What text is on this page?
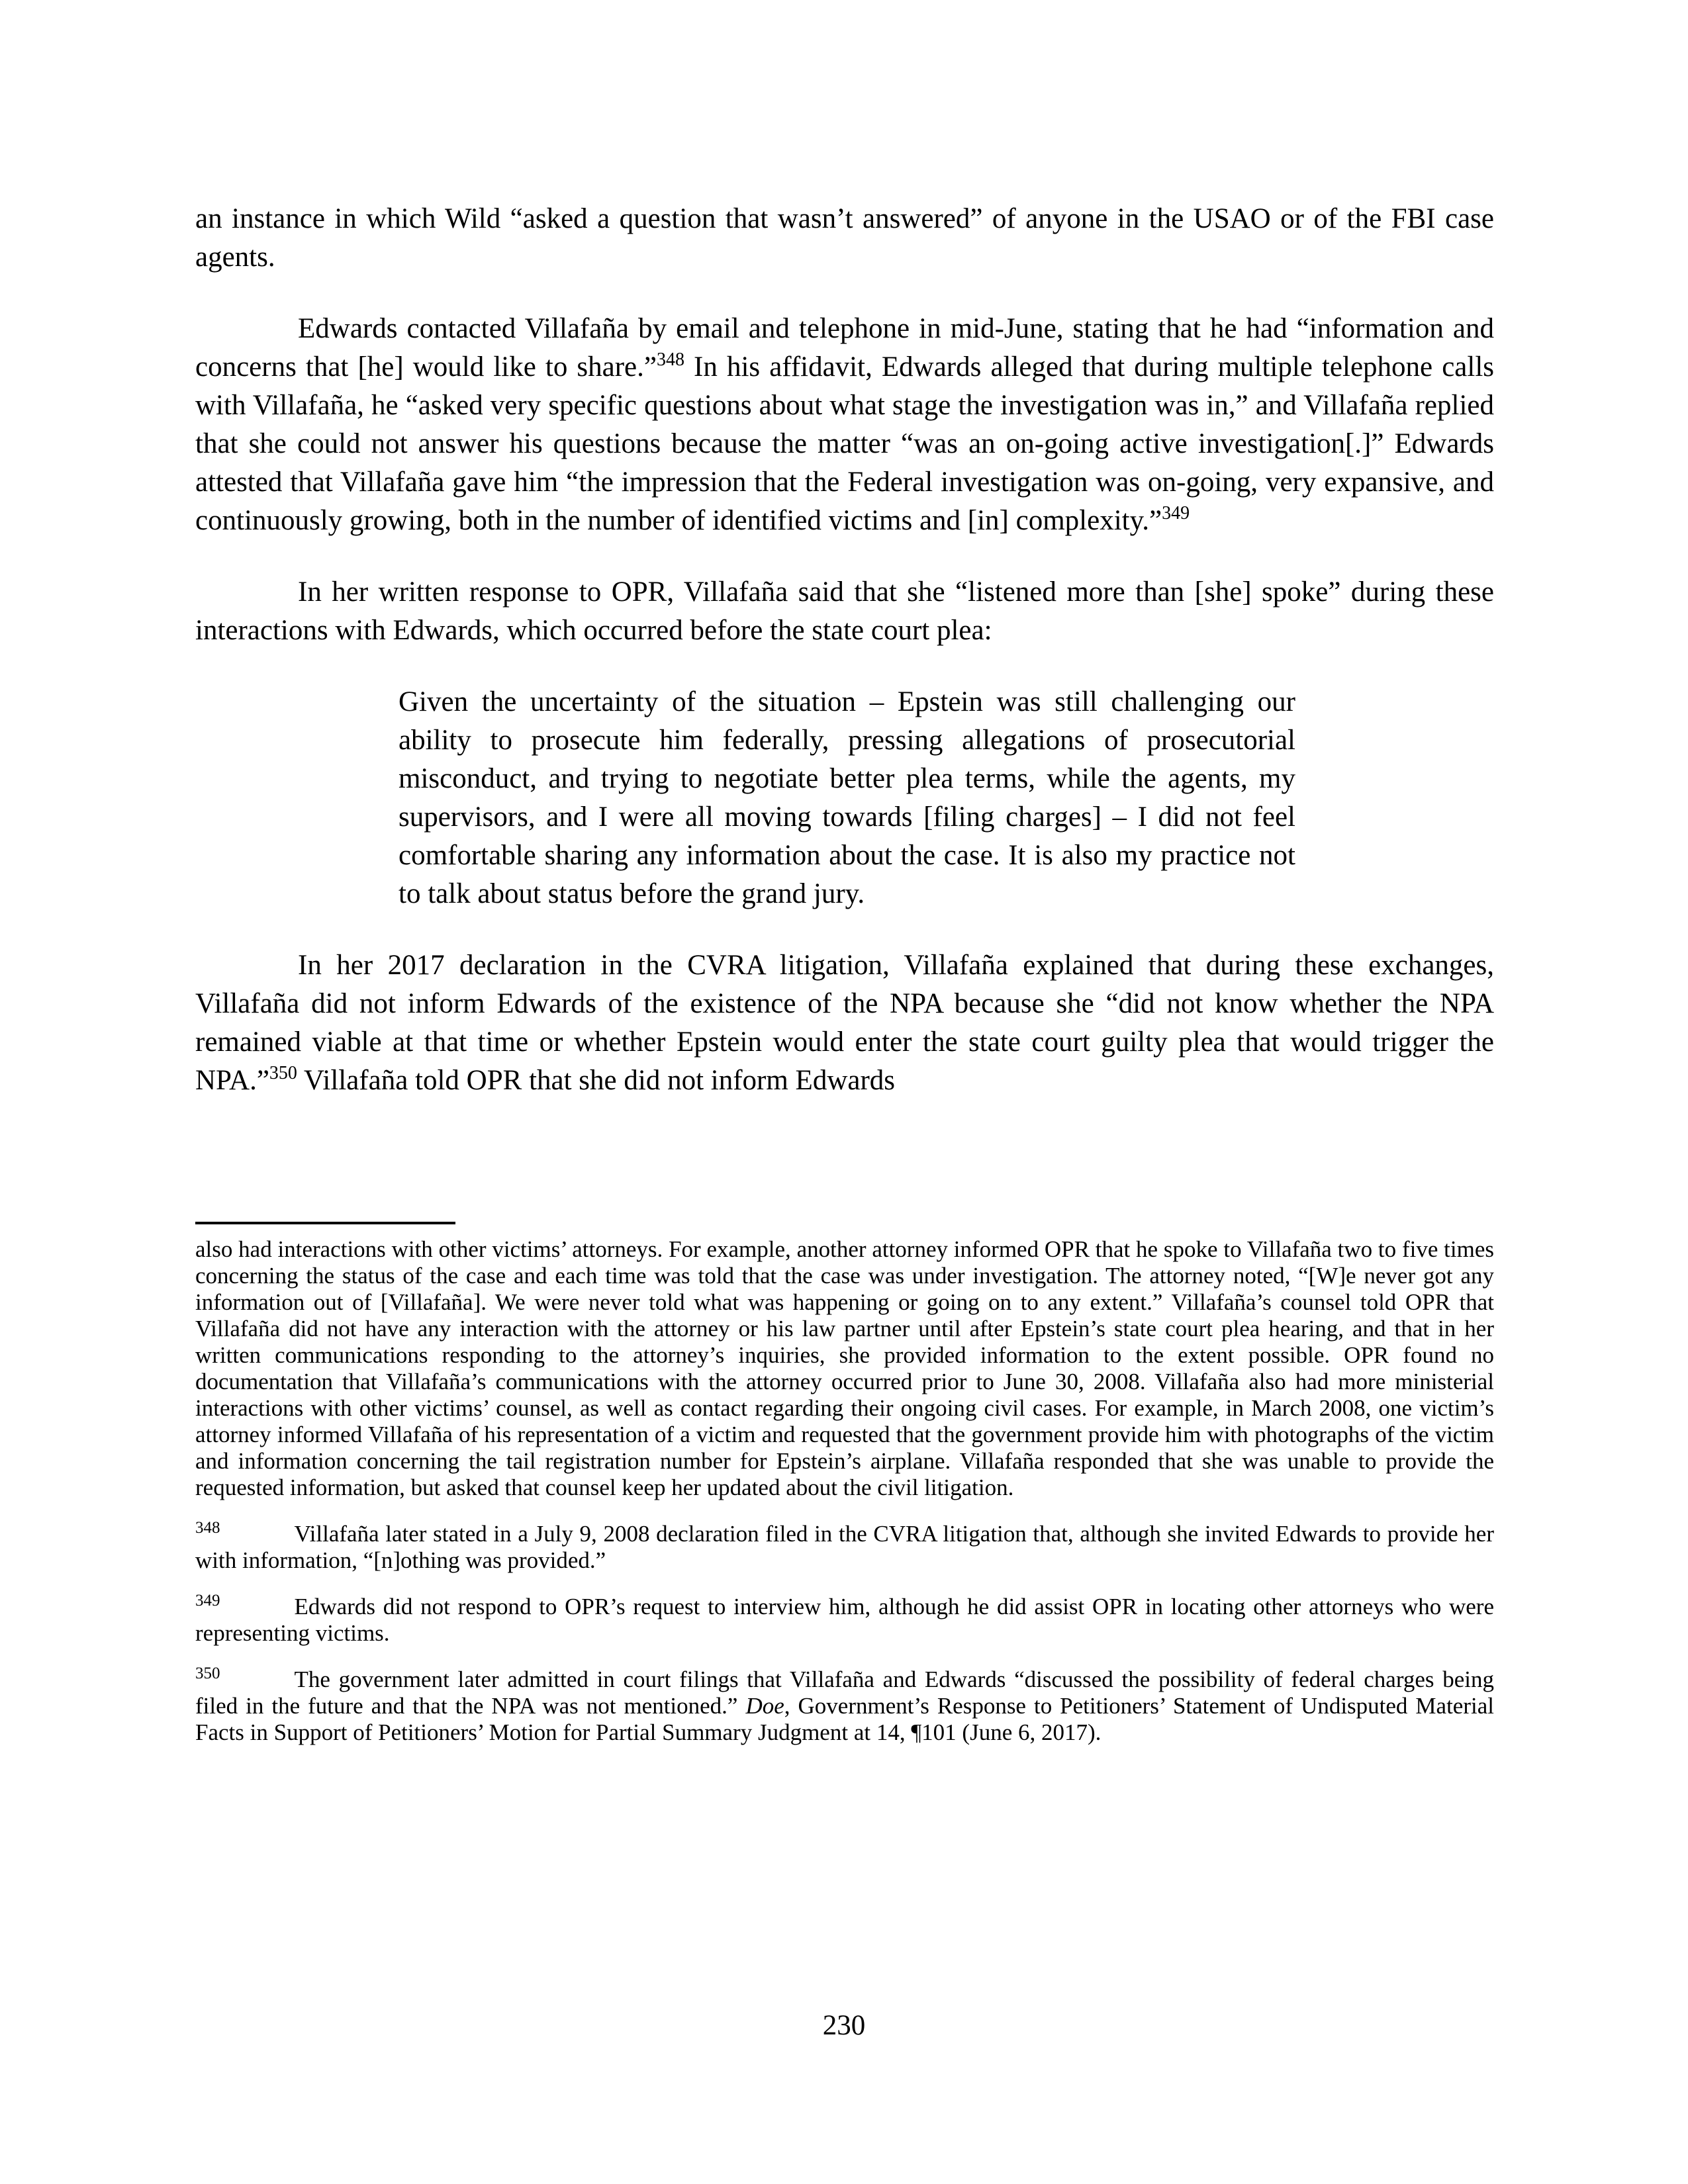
an instance in which Wild “asked a question that wasn’t answered” of anyone in the USAO or of the FBI case agents.

Edwards contacted Villafaña by email and telephone in mid-June, stating that he had “information and concerns that [he] would like to share.”$^{348}$ In his affidavit, Edwards alleged that during multiple telephone calls with Villafaña, he “asked very specific questions about what stage the investigation was in,” and Villafaña replied that she could not answer his questions because the matter “was an on-going active investigation[.]” Edwards attested that Villafaña gave him “the impression that the Federal investigation was on-going, very expansive, and continuously growing, both in the number of identified victims and [in] complexity.”$^{349}$

In her written response to OPR, Villafaña said that she “listened more than [she] spoke” during these interactions with Edwards, which occurred before the state court plea:

Given the uncertainty of the situation – Epstein was still challenging our ability to prosecute him federally, pressing allegations of prosecutorial misconduct, and trying to negotiate better plea terms, while the agents, my supervisors, and I were all moving towards [filing charges] – I did not feel comfortable sharing any information about the case. It is also my practice not to talk about status before the grand jury.

In her 2017 declaration in the CVRA litigation, Villafaña explained that during these exchanges, Villafaña did not inform Edwards of the existence of the NPA because she “did not know whether the NPA remained viable at that time or whether Epstein would enter the state court guilty plea that would trigger the NPA.”$^{350}$ Villafaña told OPR that she did not inform Edwards

also had interactions with other victims’ attorneys. For example, another attorney informed OPR that he spoke to Villafaña two to five times concerning the status of the case and each time was told that the case was under investigation. The attorney noted, “[W]e never got any information out of [Villafaña]. We were never told what was happening or going on to any extent.” Villafaña’s counsel told OPR that Villafaña did not have any interaction with the attorney or his law partner until after Epstein’s state court plea hearing, and that in her written communications responding to the attorney’s inquiries, she provided information to the extent possible. OPR found no documentation that Villafaña’s communications with the attorney occurred prior to June 30, 2008. Villafaña also had more ministerial interactions with other victims’ counsel, as well as contact regarding their ongoing civil cases. For example, in March 2008, one victim’s attorney informed Villafaña of his representation of a victim and requested that the government provide him with photographs of the victim and information concerning the tail registration number for Epstein’s airplane. Villafaña responded that she was unable to provide the requested information, but asked that counsel keep her updated about the civil litigation.

$^{348}$	Villafaña later stated in a July 9, 2008 declaration filed in the CVRA litigation that, although she invited Edwards to provide her with information, “[n]othing was provided.”

$^{349}$	Edwards did not respond to OPR’s request to interview him, although he did assist OPR in locating other attorneys who were representing victims.

$^{350}$	The government later admitted in court filings that Villafaña and Edwards “discussed the possibility of federal charges being filed in the future and that the NPA was not mentioned.” Doe, Government’s Response to Petitioners’ Statement of Undisputed Material Facts in Support of Petitioners’ Motion for Partial Summary Judgment at 14, ¶101 (June 6, 2017).

230
